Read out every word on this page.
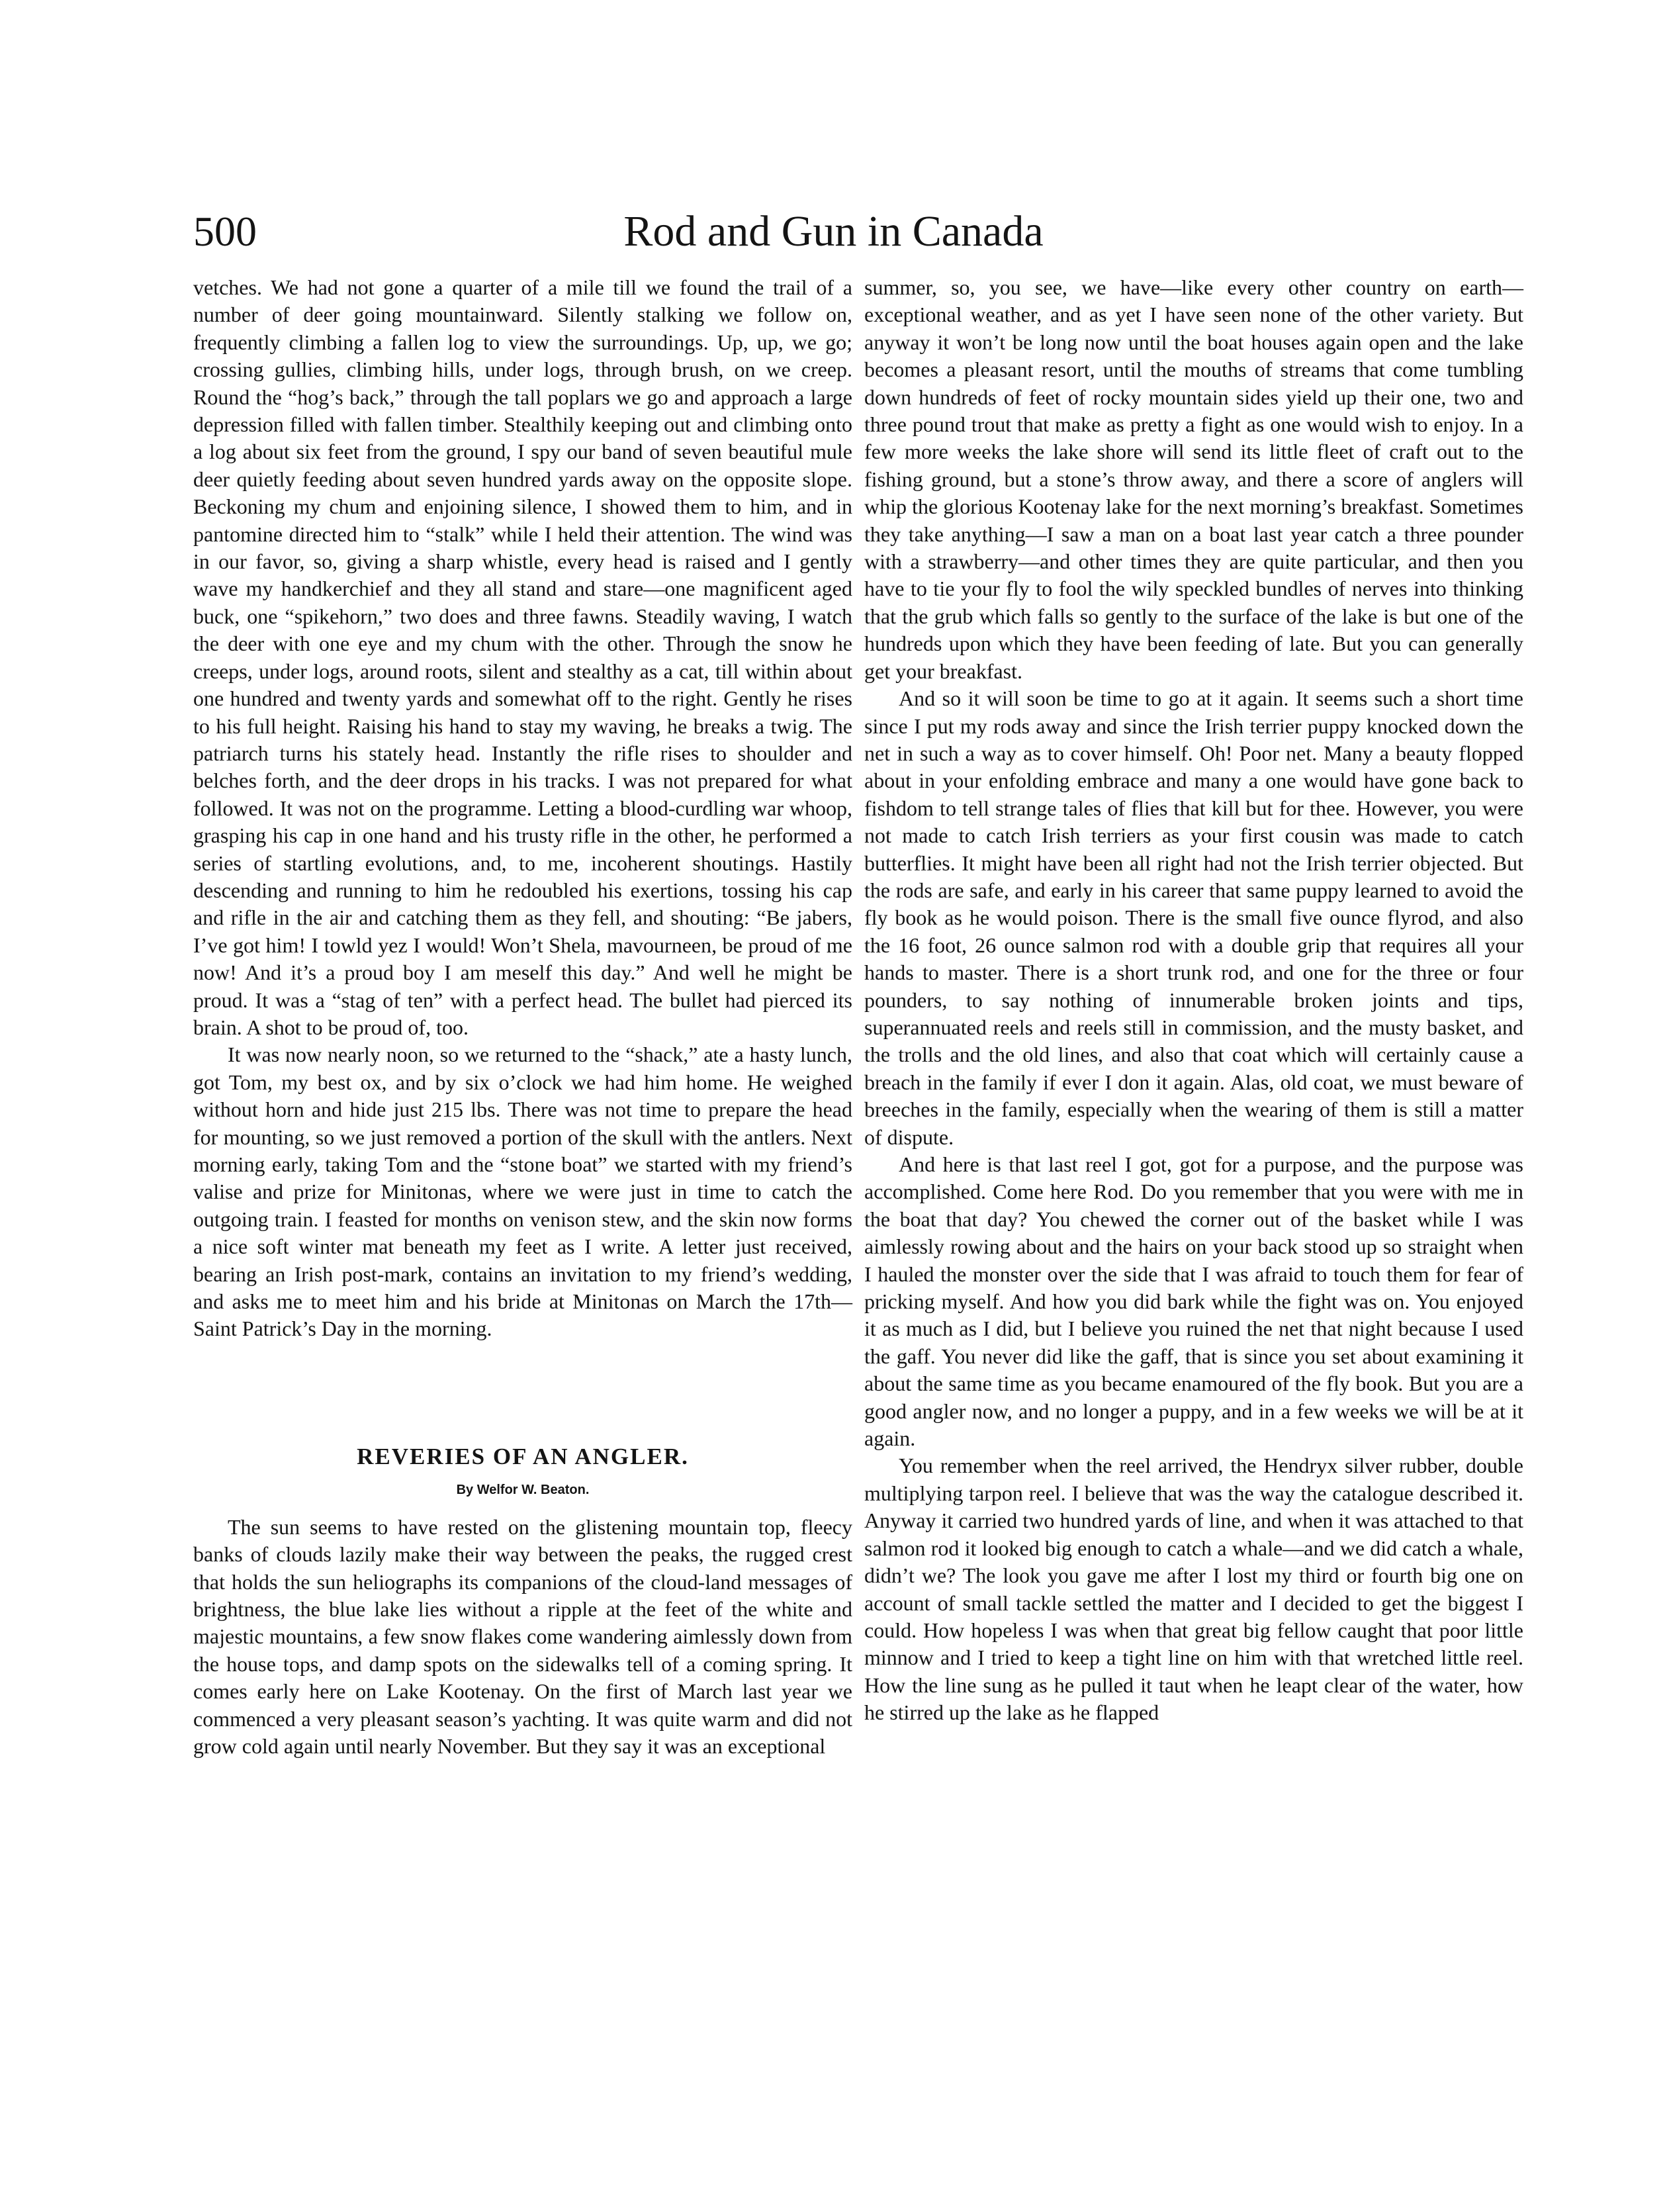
500	Rod and Gun in Canada

vetches. We had not gone a quarter of a mile till we found the trail of a number of deer going mountainward. Silently stalking we follow on, frequently climbing a fallen log to view the surroundings. Up, up, we go; crossing gullies, climbing hills, under logs, through brush, on we creep. Round the “hog’s back,” through the tall poplars we go and approach a large depression filled with fallen timber. Stealthily keeping out and climbing onto a log about six feet from the ground, I spy our band of seven beautiful mule deer quietly feeding about seven hundred yards away on the opposite slope. Beckoning my chum and enjoining silence, I showed them to him, and in pantomine directed him to “stalk” while I held their attention. The wind was in our favor, so, giving a sharp whistle, every head is raised and I gently wave my handkerchief and they all stand and stare—one magnificent aged buck, one “spikehorn,” two does and three fawns. Steadily waving, I watch the deer with one eye and my chum with the other. Through the snow he creeps, under logs, around roots, silent and stealthy as a cat, till within about one hundred and twenty yards and somewhat off to the right. Gently he rises to his full height. Raising his hand to stay my waving, he breaks a twig. The patriarch turns his stately head. Instantly the rifle rises to shoulder and belches forth, and the deer drops in his tracks. I was not prepared for what followed. It was not on the programme. Letting a blood-curdling war whoop, grasping his cap in one hand and his trusty rifle in the other, he performed a series of startling evolutions, and, to me, incoherent shoutings. Hastily descending and running to him he redoubled his exertions, tossing his cap and rifle in the air and catching them as they fell, and shouting: “Be jabers, I’ve got him! I towld yez I would! Won’t Shela, mavourneen, be proud of me now! And it’s a proud boy I am meself this day.” And well he might be proud. It was a “stag of ten” with a perfect head. The bullet had pierced its brain. A shot to be proud of, too.

It was now nearly noon, so we returned to the “shack,” ate a hasty lunch, got Tom, my best ox, and by six o’clock we had him home. He weighed without horn and hide just 215 lbs. There was not time to prepare the head for mounting, so we just removed a portion of the skull with the antlers. Next morning early, taking Tom and the “stone boat” we started with my friend’s valise and prize for Minitonas, where we were just in time to catch the outgoing train. I feasted for months on venison stew, and the skin now forms a nice soft winter mat beneath my feet as I write. A letter just received, bearing an Irish post-mark, contains an invitation to my friend’s wedding, and asks me to meet him and his bride at Minitonas on March the 17th—Saint Patrick’s Day in the morning.

REVERIES OF AN ANGLER.
By Welfor W. Beaton.

The sun seems to have rested on the glistening mountain top, fleecy banks of clouds lazily make their way between the peaks, the rugged crest that holds the sun heliographs its companions of the cloud-land messages of brightness, the blue lake lies without a ripple at the feet of the white and majestic mountains, a few snow flakes come wandering aimlessly down from the house tops, and damp spots on the sidewalks tell of a coming spring. It comes early here on Lake Kootenay. On the first of March last year we commenced a very pleasant season’s yachting. It was quite warm and did not grow cold again until nearly November. But they say it was an exceptional

summer, so, you see, we have—like every other country on earth—exceptional weather, and as yet I have seen none of the other variety. But anyway it won’t be long now until the boat houses again open and the lake becomes a pleasant resort, until the mouths of streams that come tumbling down hundreds of feet of rocky mountain sides yield up their one, two and three pound trout that make as pretty a fight as one would wish to enjoy. In a few more weeks the lake shore will send its little fleet of craft out to the fishing ground, but a stone’s throw away, and there a score of anglers will whip the glorious Kootenay lake for the next morning’s breakfast. Sometimes they take anything—I saw a man on a boat last year catch a three pounder with a strawberry—and other times they are quite particular, and then you have to tie your fly to fool the wily speckled bundles of nerves into thinking that the grub which falls so gently to the surface of the lake is but one of the hundreds upon which they have been feeding of late. But you can generally get your breakfast.

And so it will soon be time to go at it again. It seems such a short time since I put my rods away and since the Irish terrier puppy knocked down the net in such a way as to cover himself. Oh! Poor net. Many a beauty flopped about in your enfolding embrace and many a one would have gone back to fishdom to tell strange tales of flies that kill but for thee. However, you were not made to catch Irish terriers as your first cousin was made to catch butterflies. It might have been all right had not the Irish terrier objected. But the rods are safe, and early in his career that same puppy learned to avoid the fly book as he would poison. There is the small five ounce flyrod, and also the 16 foot, 26 ounce salmon rod with a double grip that requires all your hands to master. There is a short trunk rod, and one for the three or four pounders, to say nothing of innumerable broken joints and tips, superannuated reels and reels still in commission, and the musty basket, and the trolls and the old lines, and also that coat which will certainly cause a breach in the family if ever I don it again. Alas, old coat, we must beware of breeches in the family, especially when the wearing of them is still a matter of dispute.

And here is that last reel I got, got for a purpose, and the purpose was accomplished. Come here Rod. Do you remember that you were with me in the boat that day? You chewed the corner out of the basket while I was aimlessly rowing about and the hairs on your back stood up so straight when I hauled the monster over the side that I was afraid to touch them for fear of pricking myself. And how you did bark while the fight was on. You enjoyed it as much as I did, but I believe you ruined the net that night because I used the gaff. You never did like the gaff, that is since you set about examining it about the same time as you became enamoured of the fly book. But you are a good angler now, and no longer a puppy, and in a few weeks we will be at it again.

You remember when the reel arrived, the Hendryx silver rubber, double multiplying tarpon reel. I believe that was the way the catalogue described it. Anyway it carried two hundred yards of line, and when it was attached to that salmon rod it looked big enough to catch a whale—and we did catch a whale, didn’t we? The look you gave me after I lost my third or fourth big one on account of small tackle settled the matter and I decided to get the biggest I could. How hopeless I was when that great big fellow caught that poor little minnow and I tried to keep a tight line on him with that wretched little reel. How the line sung as he pulled it taut when he leapt clear of the water, how he stirred up the lake as he flapped
